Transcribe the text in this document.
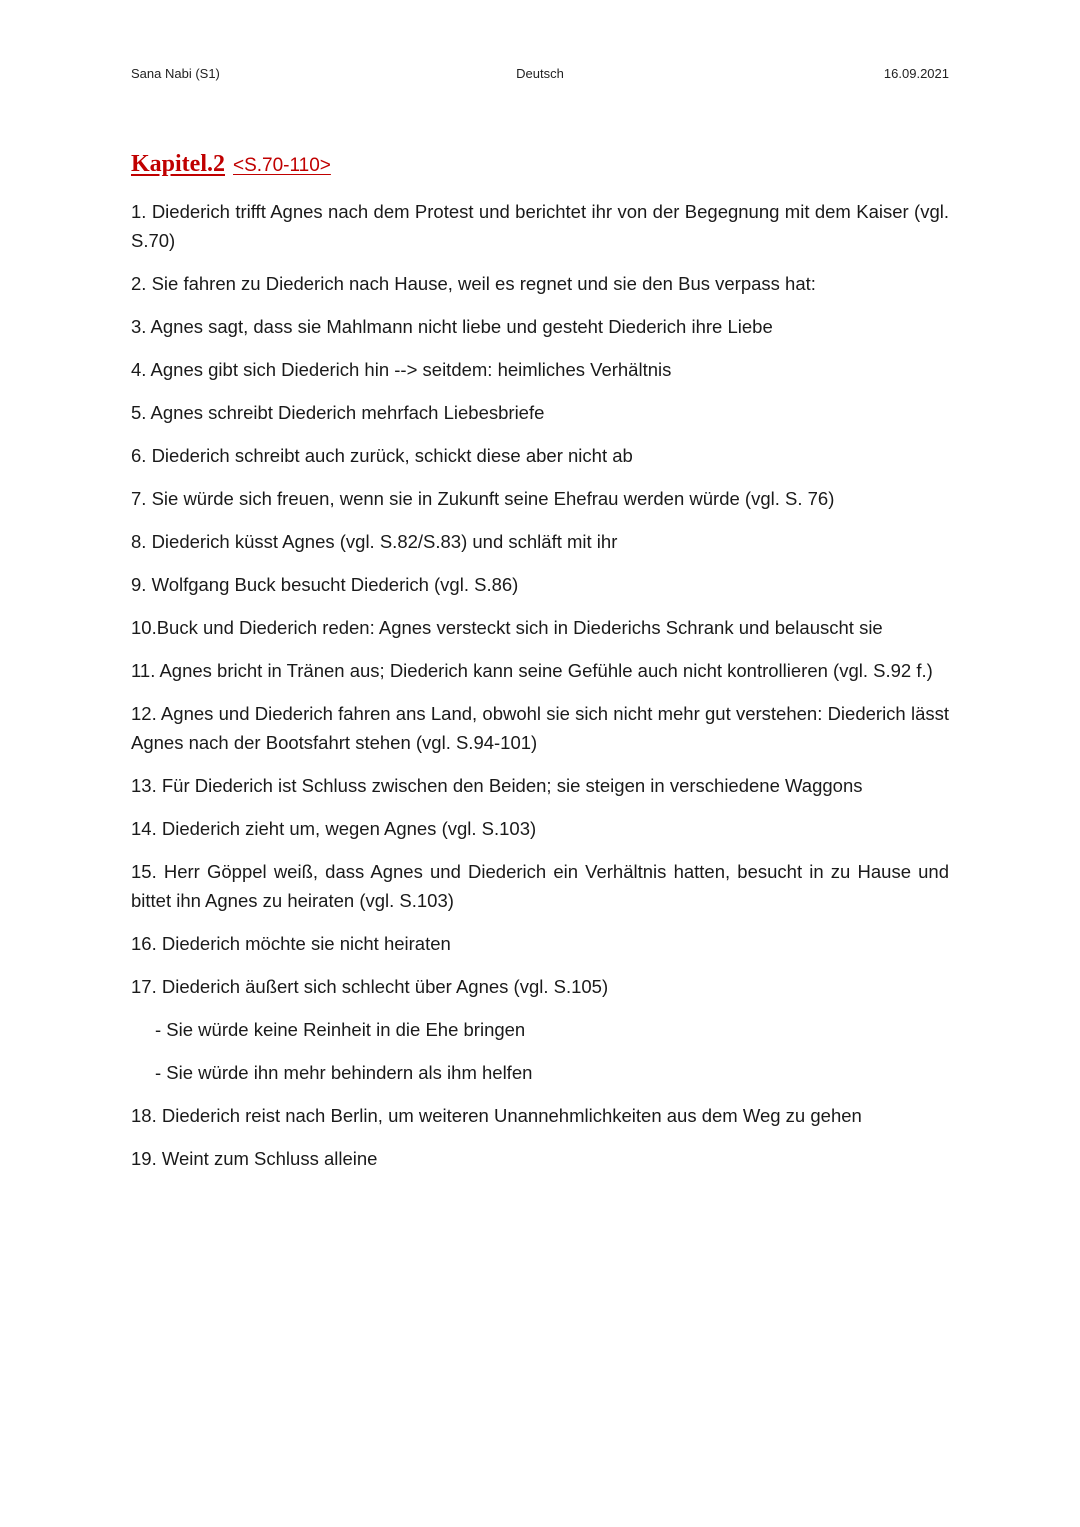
Sana Nabi (S1)	Deutsch	16.09.2021
Kapitel.2 <S.70-110>
1. Diederich trifft Agnes nach dem Protest und berichtet ihr von der Begegnung mit dem Kaiser (vgl. S.70)
2. Sie fahren zu Diederich nach Hause, weil es regnet und sie den Bus verpass hat:
3. Agnes sagt, dass sie Mahlmann nicht liebe und gesteht Diederich ihre Liebe
4. Agnes gibt sich Diederich hin --> seitdem: heimliches Verhältnis
5. Agnes schreibt Diederich mehrfach Liebesbriefe
6. Diederich schreibt auch zurück, schickt diese aber nicht ab
7. Sie würde sich freuen, wenn sie in Zukunft seine Ehefrau werden würde (vgl. S. 76)
8. Diederich küsst Agnes (vgl. S.82/S.83) und schläft mit ihr
9. Wolfgang Buck besucht Diederich (vgl. S.86)
10.Buck und Diederich reden: Agnes versteckt sich in Diederichs Schrank und belauscht sie
11. Agnes bricht in Tränen aus; Diederich kann seine Gefühle auch nicht kontrollieren (vgl. S.92 f.)
12. Agnes und Diederich fahren ans Land, obwohl sie sich nicht mehr gut verstehen: Diederich lässt Agnes nach der Bootsfahrt stehen (vgl. S.94-101)
13. Für Diederich ist Schluss zwischen den Beiden; sie steigen in verschiedene Waggons
14. Diederich zieht um, wegen Agnes (vgl. S.103)
15. Herr Göppel weiß, dass Agnes und Diederich ein Verhältnis hatten, besucht in zu Hause und bittet ihn Agnes zu heiraten (vgl. S.103)
16. Diederich möchte sie nicht heiraten
17. Diederich äußert sich schlecht über Agnes (vgl. S.105)
- Sie würde keine Reinheit in die Ehe bringen
- Sie würde ihn mehr behindern als ihm helfen
18. Diederich reist nach Berlin, um weiteren Unannehmlichkeiten aus dem Weg zu gehen
19. Weint zum Schluss alleine
